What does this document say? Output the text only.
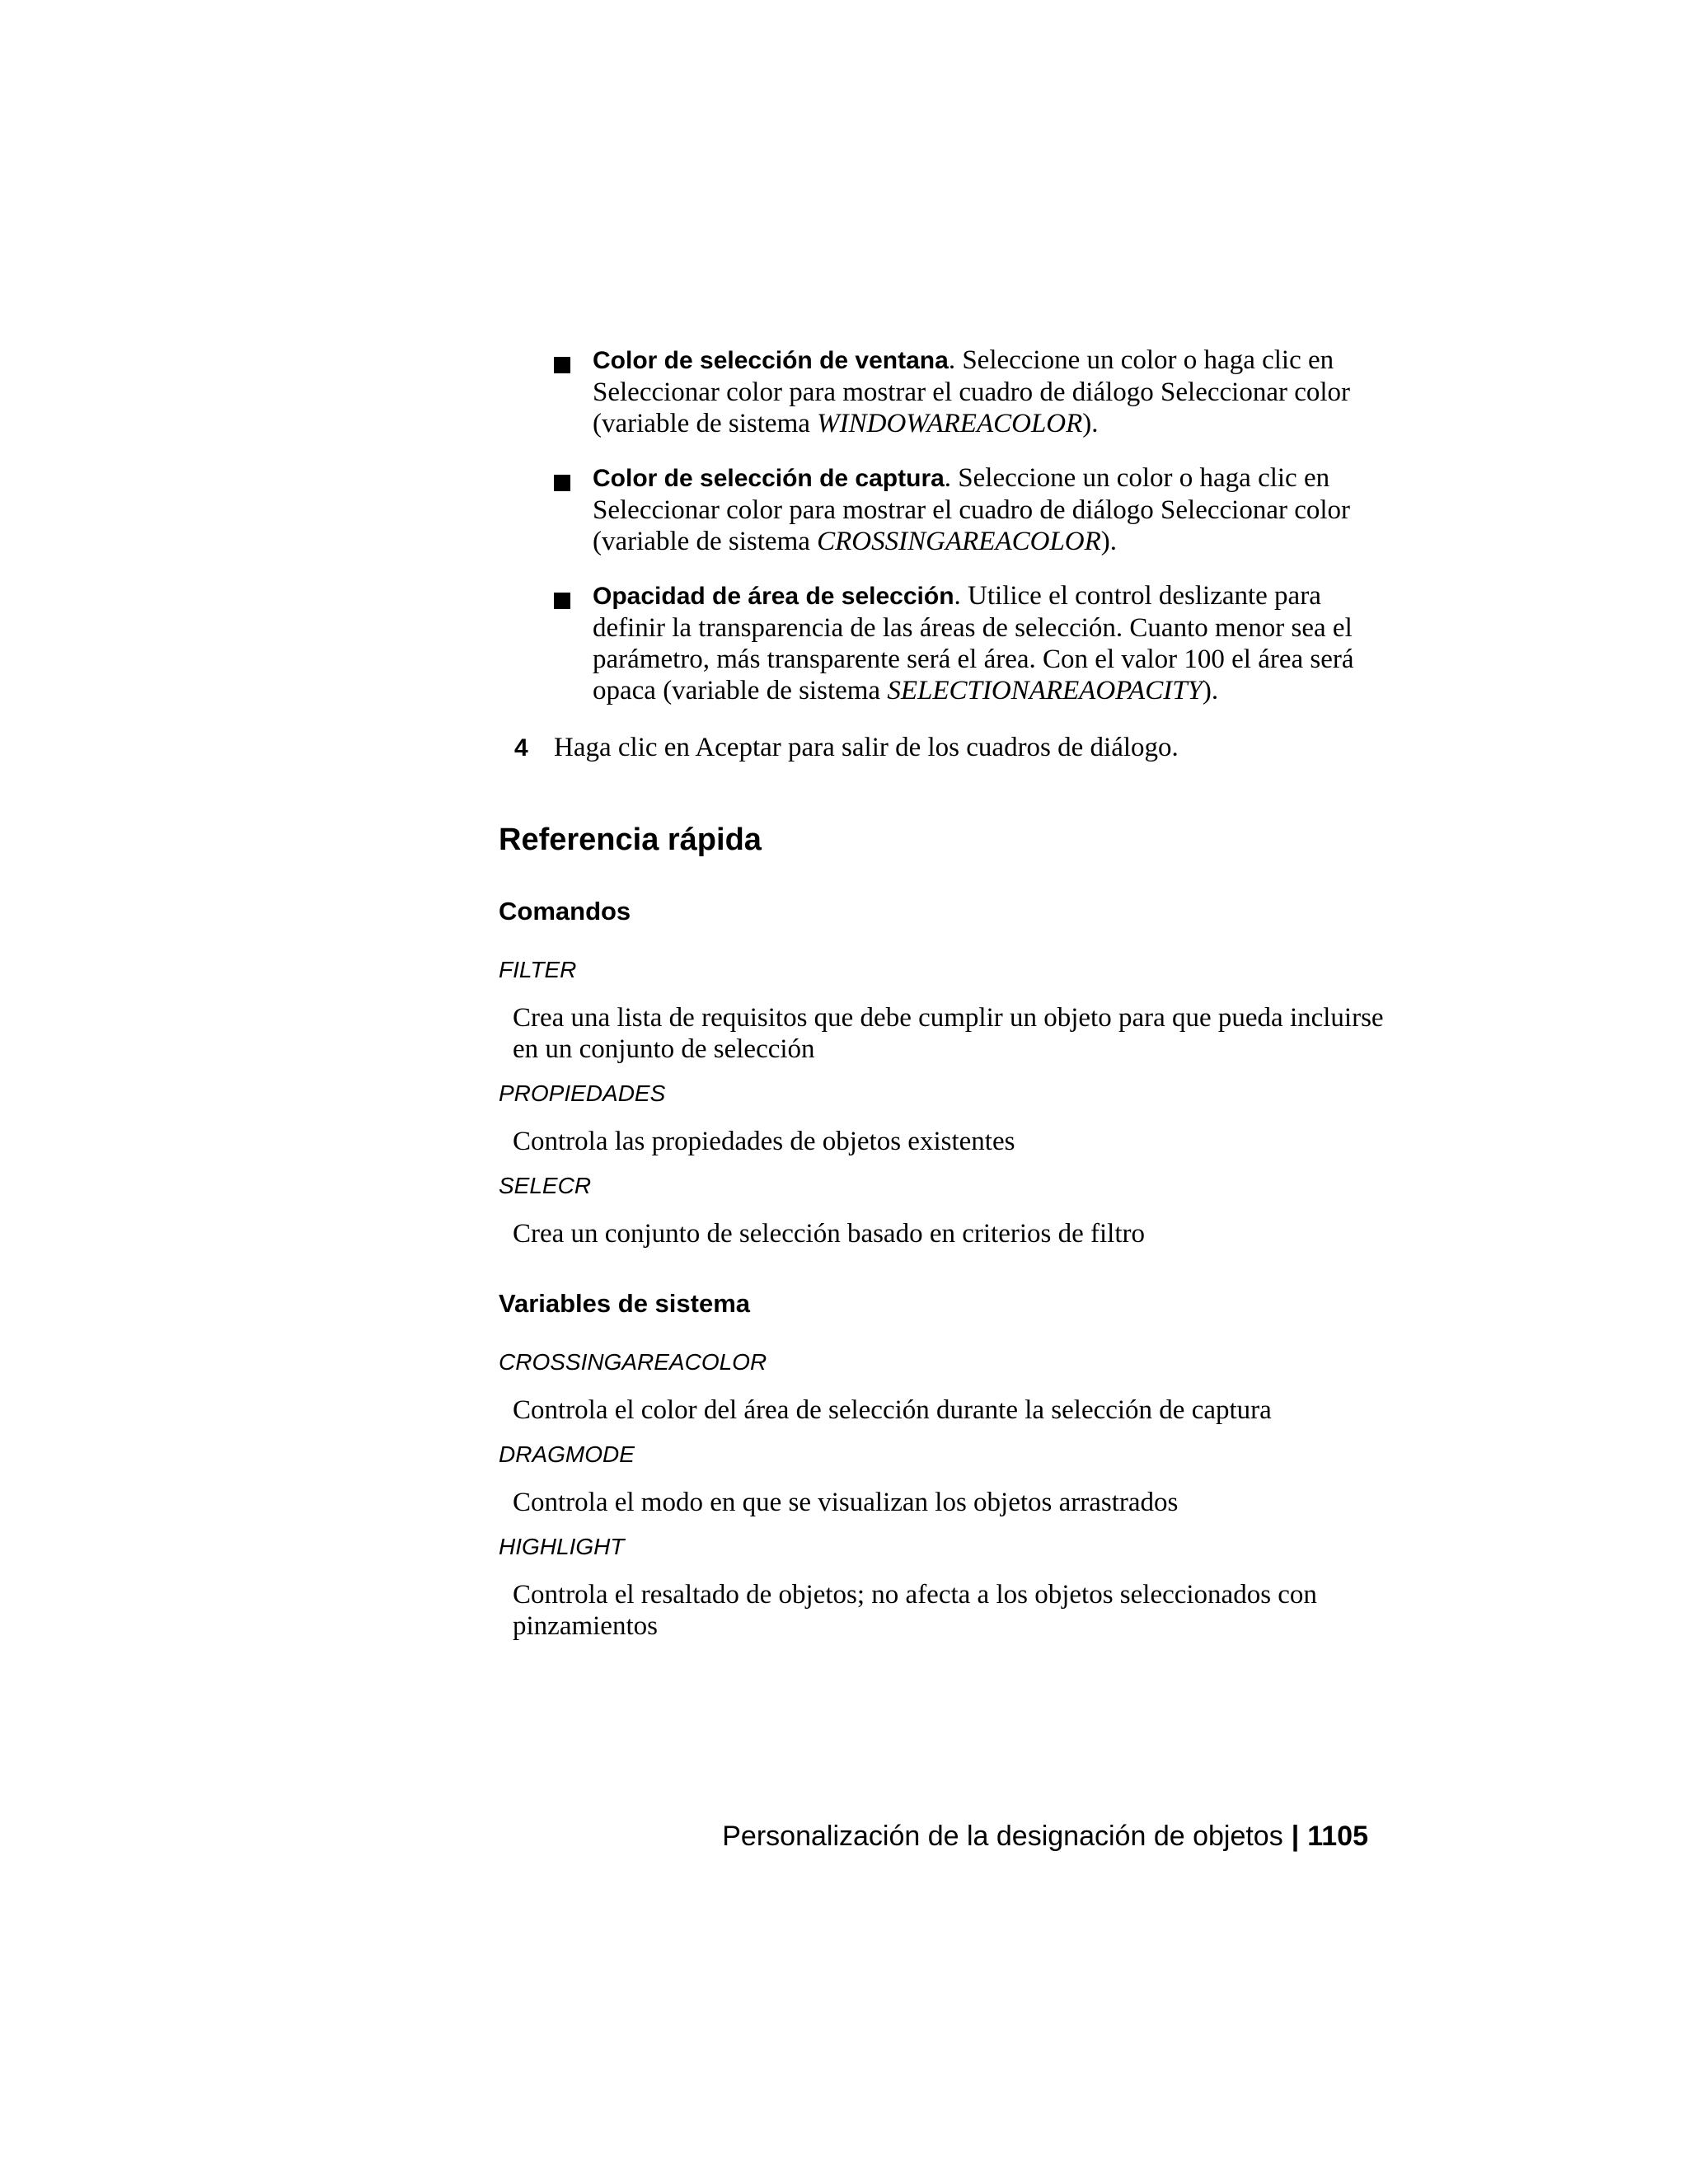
Color de selección de ventana. Seleccione un color o haga clic en Seleccionar color para mostrar el cuadro de diálogo Seleccionar color (variable de sistema WINDOWAREACOLOR).
Color de selección de captura. Seleccione un color o haga clic en Seleccionar color para mostrar el cuadro de diálogo Seleccionar color (variable de sistema CROSSINGAREACOLOR).
Opacidad de área de selección. Utilice el control deslizante para definir la transparencia de las áreas de selección. Cuanto menor sea el parámetro, más transparente será el área. Con el valor 100 el área será opaca (variable de sistema SELECTIONAREAOPACITY).
4 Haga clic en Aceptar para salir de los cuadros de diálogo.
Referencia rápida
Comandos

FILTER

Crea una lista de requisitos que debe cumplir un objeto para que pueda incluirse en un conjunto de selección

PROPIEDADES

Controla las propiedades de objetos existentes

SELECR

Crea un conjunto de selección basado en criterios de filtro

Variables de sistema

CROSSINGAREACOLOR

Controla el color del área de selección durante la selección de captura

DRAGMODE

Controla el modo en que se visualizan los objetos arrastrados

HIGHLIGHT

Controla el resaltado de objetos; no afecta a los objetos seleccionados con pinzamientos

Personalización de la designación de objetos | 1105
